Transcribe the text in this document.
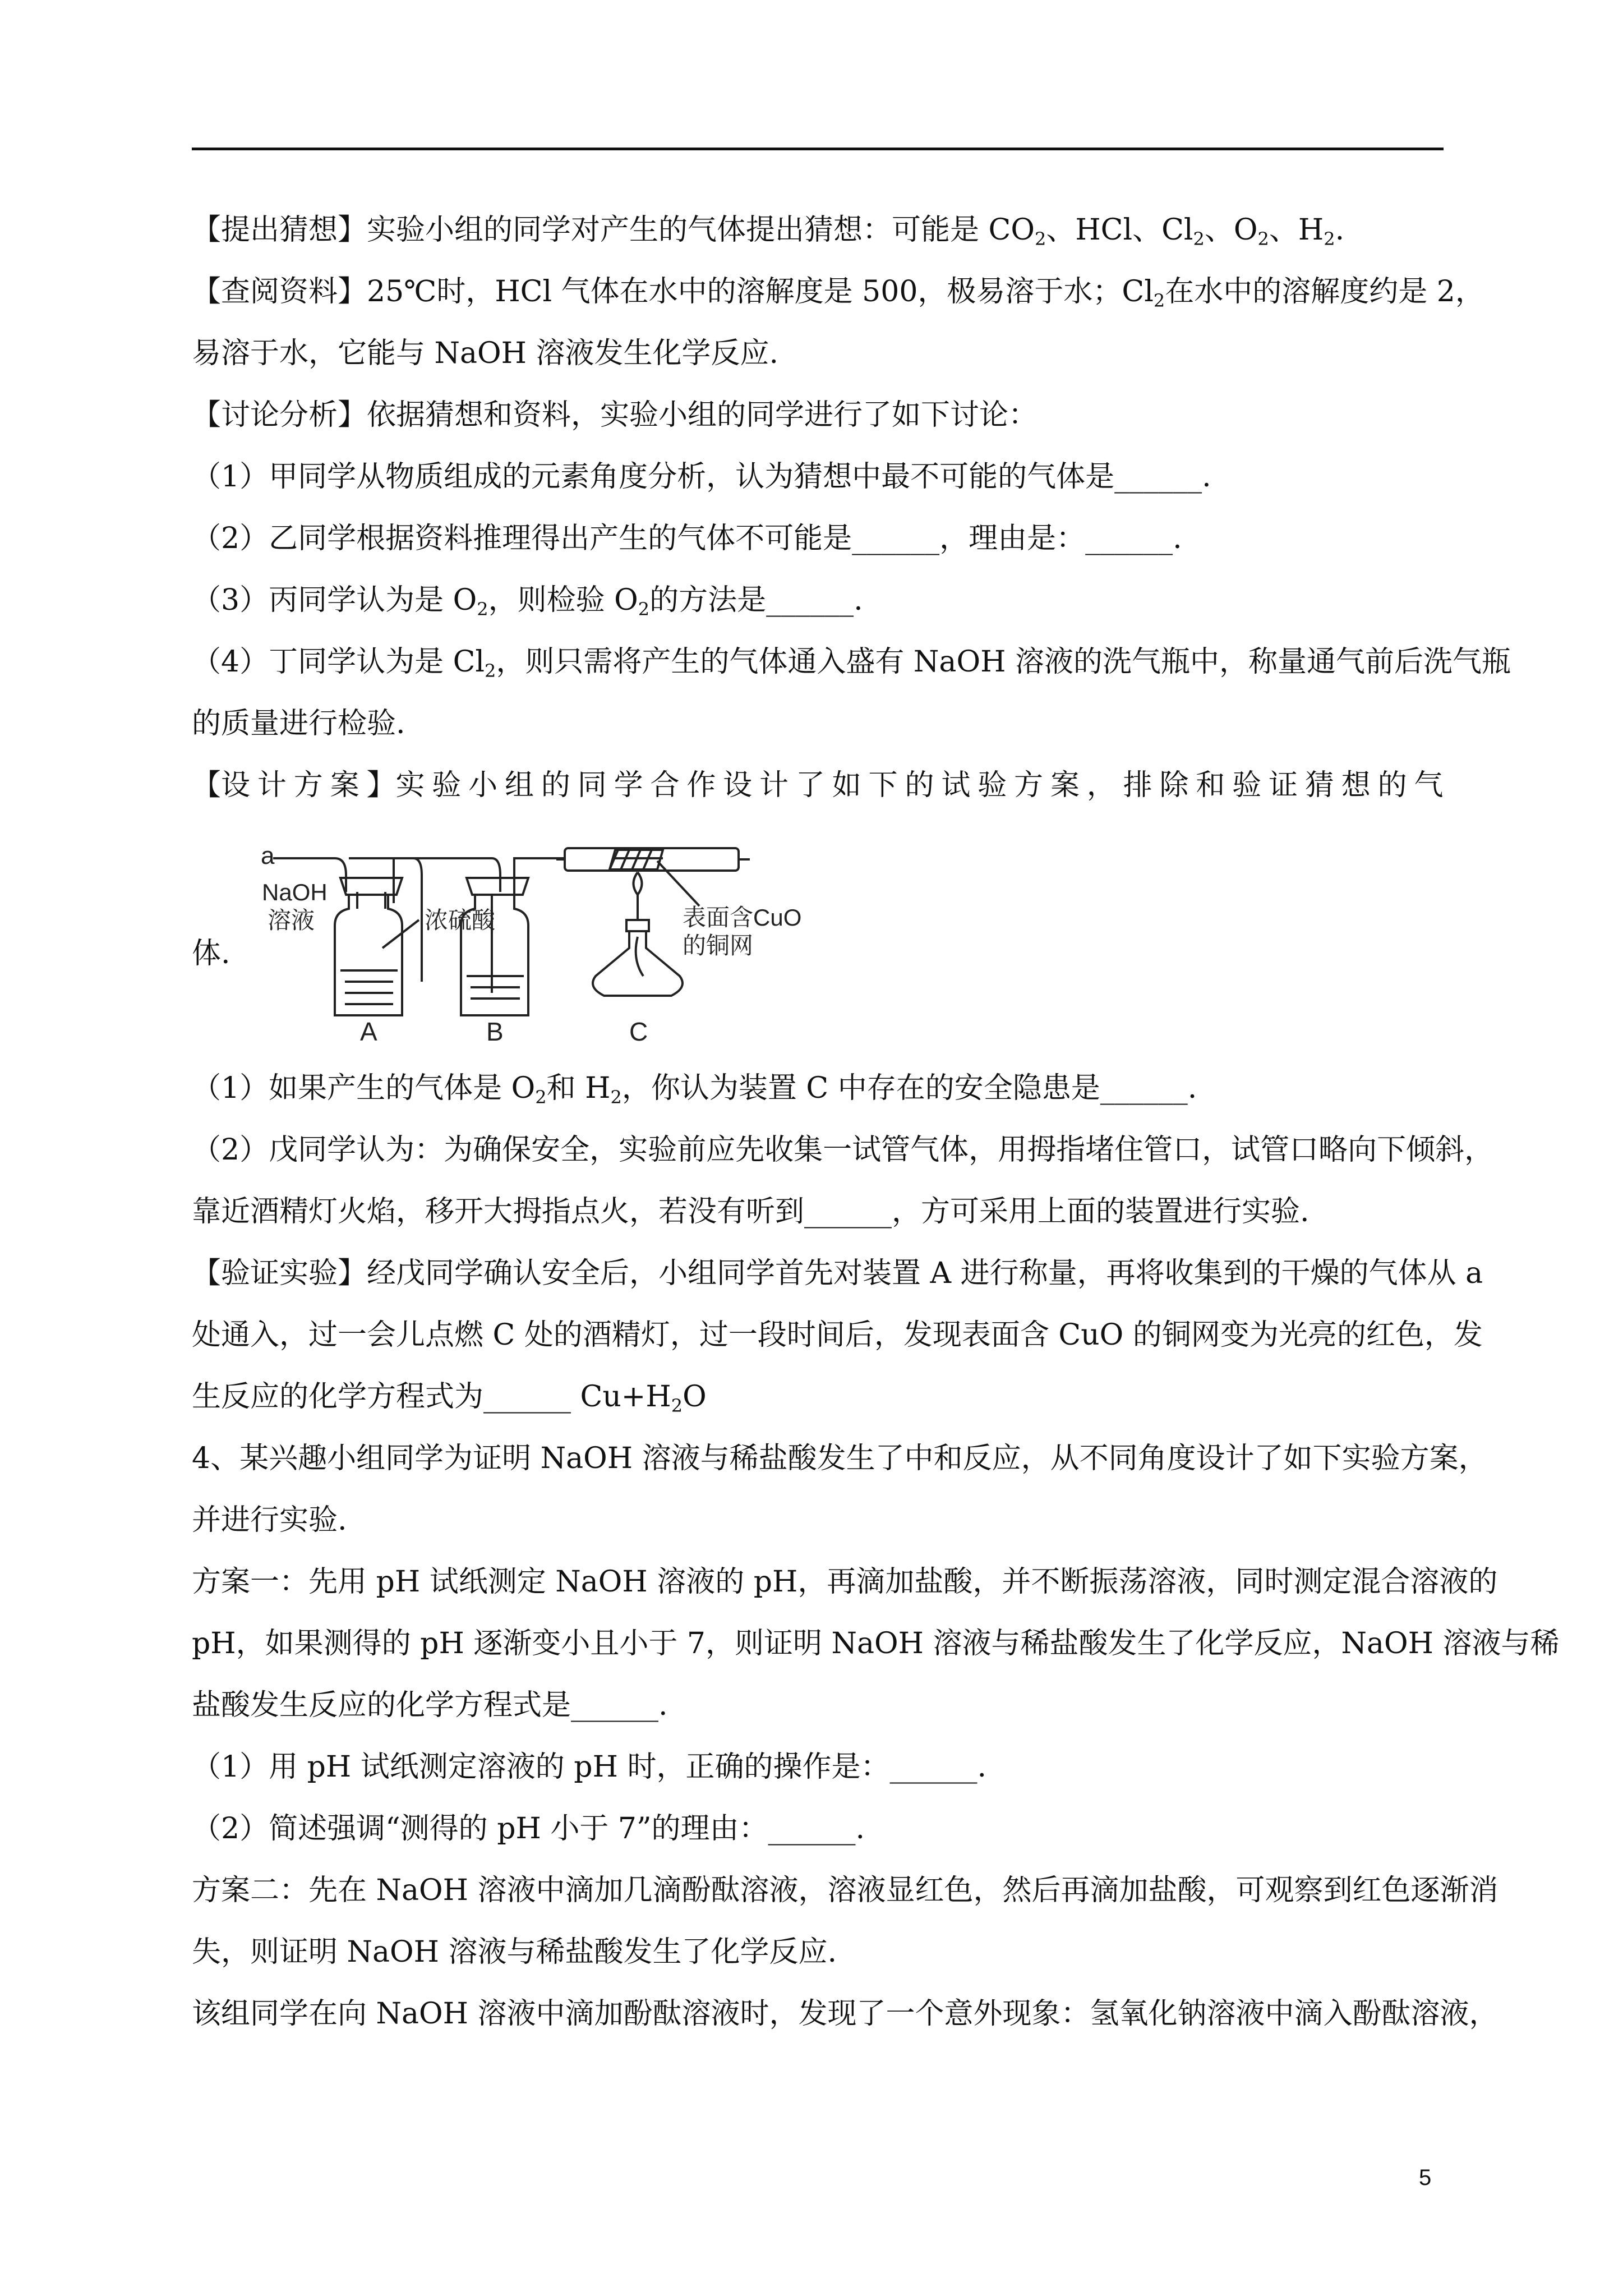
【提出猜想】实验小组的同学对产生的气体提出猜想：可能是 $CO_2$、HCl、$Cl_2$、$O_2$、$H_2$.
【查阅资料】25℃时，HCl 气体在水中的溶解度是 500，极易溶于水；$Cl_2$在水中的溶解度约是 2，
易溶于水，它能与 NaOH 溶液发生化学反应.
【讨论分析】依据猜想和资料，实验小组的同学进行了如下讨论：
（1）甲同学从物质组成的元素角度分析，认为猜想中最不可能的气体是______.
（2）乙同学根据资料推理得出产生的气体不可能是______，理由是：______.
（3）丙同学认为是 $O_2$，则检验 $O_2$的方法是______.
（4）丁同学认为是 $Cl_2$，则只需将产生的气体通入盛有 NaOH 溶液的洗气瓶中，称量通气前后洗气瓶
的质量进行检验.
【设 计 方 案 】实 验 小 组 的 同 学 合 作 设 计 了 如 下 的 试 验 方 案 ， 排 除 和 验 证 猜 想 的 气
体.
a
NaOH
溶液	浓硫酸	表面含CuO
的铜网
A	B	C
（1）如果产生的气体是 $O_2$和 $H_2$，你认为装置 C 中存在的安全隐患是______.
（2）戊同学认为：为确保安全，实验前应先收集一试管气体，用拇指堵住管口，试管口略向下倾斜，
靠近酒精灯火焰，移开大拇指点火，若没有听到______，方可采用上面的装置进行实验.
【验证实验】经戊同学确认安全后，小组同学首先对装置 A 进行称量，再将收集到的干燥的气体从 a
处通入，过一会儿点燃 C 处的酒精灯，过一段时间后，发现表面含 CuO 的铜网变为光亮的红色，发
生反应的化学方程式为______ $Cu+H_2O$
4、某兴趣小组同学为证明 NaOH 溶液与稀盐酸发生了中和反应，从不同角度设计了如下实验方案，
并进行实验.
方案一：先用 pH 试纸测定 NaOH 溶液的 pH，再滴加盐酸，并不断振荡溶液，同时测定混合溶液的
pH，如果测得的 pH 逐渐变小且小于 7，则证明 NaOH 溶液与稀盐酸发生了化学反应，NaOH 溶液与稀
盐酸发生反应的化学方程式是______.
（1）用 pH 试纸测定溶液的 pH 时，正确的操作是：______.
（2）简述强调“测得的 pH 小于 7”的理由：______.
方案二：先在 NaOH 溶液中滴加几滴酚酞溶液，溶液显红色，然后再滴加盐酸，可观察到红色逐渐消
失，则证明 NaOH 溶液与稀盐酸发生了化学反应.
该组同学在向 NaOH 溶液中滴加酚酞溶液时，发现了一个意外现象：氢氧化钠溶液中滴入酚酞溶液，
5
